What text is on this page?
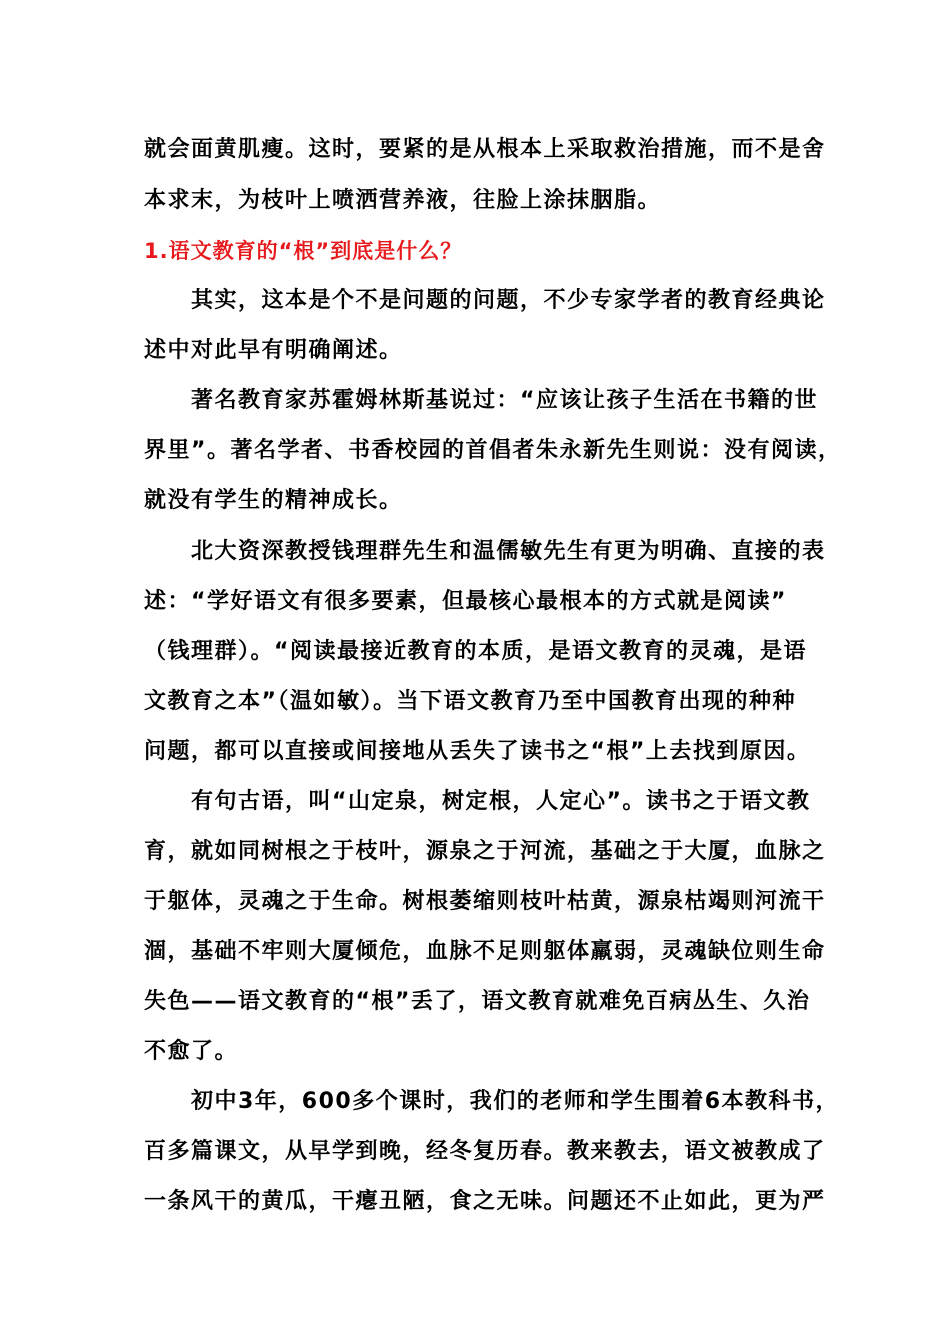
就会面黄肌瘦。这时，要紧的是从根本上采取救治措施，而不是舍
本求末，为枝叶上喷洒营养液，往脸上涂抹胭脂。
1.语文教育的“根”到底是什么？
其实，这本是个不是问题的问题，不少专家学者的教育经典论
述中对此早有明确阐述。
著名教育家苏霍姆林斯基说过：“应该让孩子生活在书籍的世
界里”。著名学者、书香校园的首倡者朱永新先生则说：没有阅读，
就没有学生的精神成长。
北大资深教授钱理群先生和温儒敏先生有更为明确、直接的表
述：“学好语文有很多要素，但最核心最根本的方式就是阅读”
（钱理群）。“阅读最接近教育的本质，是语文教育的灵魂，是语
文教育之本”（温如敏）。当下语文教育乃至中国教育出现的种种
问题，都可以直接或间接地从丢失了读书之“根”上去找到原因。
有句古语，叫“山定泉，树定根，人定心”。读书之于语文教
育，就如同树根之于枝叶，源泉之于河流，基础之于大厦，血脉之
于躯体，灵魂之于生命。树根萎缩则枝叶枯黄，源泉枯竭则河流干
涸，基础不牢则大厦倾危，血脉不足则躯体羸弱，灵魂缺位则生命
失色——语文教育的“根”丢了，语文教育就难免百病丛生、久治
不愈了。
初中3年，600多个课时，我们的老师和学生围着6本教科书，
百多篇课文，从早学到晚，经冬复历春。教来教去，语文被教成了
一条风干的黄瓜，干瘪丑陋，食之无味。问题还不止如此，更为严
